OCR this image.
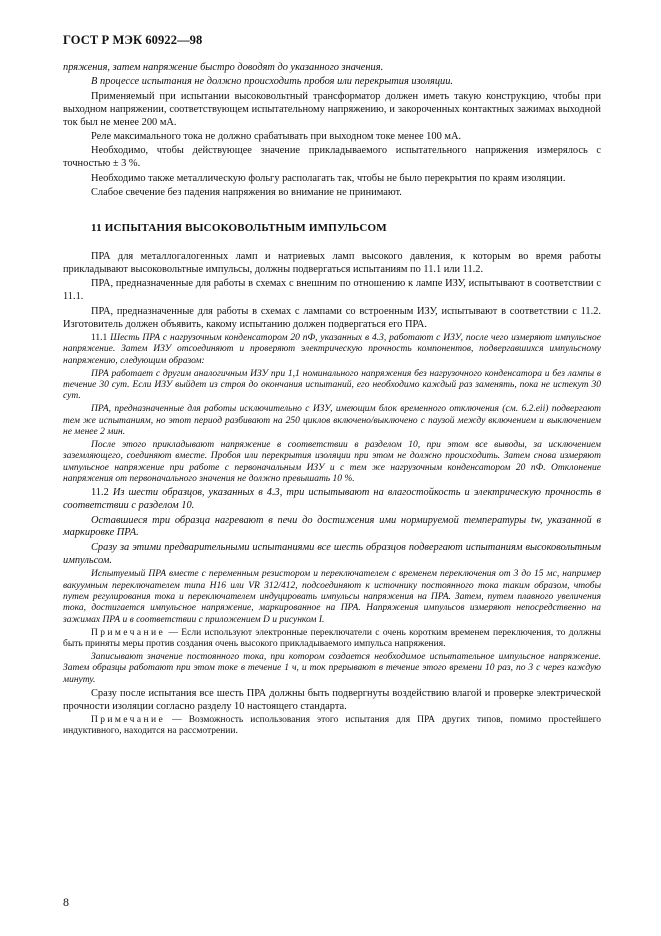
ГОСТ Р МЭК 60922—98

пряжения, затем напряжение быстро доводят до указанного значения.

В процессе испытания не должно происходить пробоя или перекрытия изоляции.

Применяемый при испытании высоковольтный трансформатор должен иметь такую конструкцию, чтобы при выходном напряжении, соответствующем испытательному напряжению, и закороченных контактных зажимах выходной ток был не менее 200 мА.

Реле максимального тока не должно срабатывать при выходном токе менее 100 мА.

Необходимо, чтобы действующее значение прикладываемого испытательного напряжения измерялось с точностью ± 3 %.

Необходимо также металлическую фольгу располагать так, чтобы не было перекрытия по краям изоляции.

Слабое свечение без падения напряжения во внимание не принимают.

11 ИСПЫТАНИЯ ВЫСОКОВОЛЬТНЫМ ИМПУЛЬСОМ

ПРА для металлогалогенных ламп и натриевых ламп высокого давления, к которым во время работы прикладывают высоковольтные импульсы, должны подвергаться испытаниям по 11.1 или 11.2.

ПРА, предназначенные для работы в схемах с внешним по отношению к лампе ИЗУ, испытывают в соответствии с 11.1.

ПРА, предназначенные для работы в схемах с лампами со встроенным ИЗУ, испытывают в соответствии с 11.2. Изготовитель должен объявить, какому испытанию должен подвергаться его ПРА.

11.1 Шесть ПРА с нагрузочным конденсатором 20 пФ, указанных в 4.3, работают с ИЗУ, после чего измеряют импульсное напряжение. Затем ИЗУ отсоединяют и проверяют электрическую прочность компонентов, подвергавшихся импульсному напряжению, следующим образом:

ПРА работает с другим аналогичным ИЗУ при 1,1 номинального напряжения без нагрузочного конденсатора и без лампы в течение 30 сут. Если ИЗУ выйдет из строя до окончания испытаний, его необходимо каждый раз заменять, пока не истекут 30 сут.

ПРА, предназначенные для работы исключительно с ИЗУ, имеющим блок временного отключения (см. 6.2.eii) подвергают тем же испытаниям, но этот период разбивают на 250 циклов включено/выключено с паузой между включением и выключением не менее 2 мин.

После этого прикладывают напряжение в соответствии в разделом 10, при этом все выводы, за исключением заземляющего, соединяют вместе. Пробоя или перекрытия изоляции при этом не должно происходить. Затем снова измеряют импульсное напряжение при работе с первоначальным ИЗУ и с тем же нагрузочным конденсатором 20 пФ. Отклонение напряжения от первоначального значения не должно превышать 10 %.

11.2 Из шести образцов, указанных в 4.3, три испытывают на влагостойкость и электрическую прочность в соответствии с разделом 10.

Оставшиеся три образца нагревают в печи до достижения ими нормируемой температуры tw, указанной в маркировке ПРА.

Сразу за этими предварительными испытаниями все шесть образцов подвергают испытаниям высоковольтным импульсом.

Испытуемый ПРА вместе с переменным резистором и переключателем с временем переключения от 3 до 15 мс, например вакуумным переключателем типа H16 или VR 312/412, подсоединяют к источнику постоянного тока таким образом, чтобы путем регулирования тока и переключателем индуцировать импульсы напряжения на ПРА. Затем, путем плавного увеличения тока, достигается импульсное напряжение, маркированное на ПРА. Напряжения импульсов измеряют непосредственно на зажимах ПРА и в соответствии с приложением D и рисунком I.

Примечание — Если используют электронные переключатели с очень коротким временем переключения, то должны быть приняты меры против создания очень высокого прикладываемого импульса напряжения.

Записывают значение постоянного тока, при котором создается необходимое испытательное импульсное напряжение. Затем образцы работают при этом токе в течение 1 ч, и ток прерывают в течение этого времени 10 раз, по 3 с через каждую минуту.

Сразу после испытания все шесть ПРА должны быть подвергнуты воздействию влагой и проверке электрической прочности изоляции согласно разделу 10 настоящего стандарта.

Примечание — Возможность использования этого испытания для ПРА других типов, помимо простейшего индуктивного, находится на рассмотрении.

8
